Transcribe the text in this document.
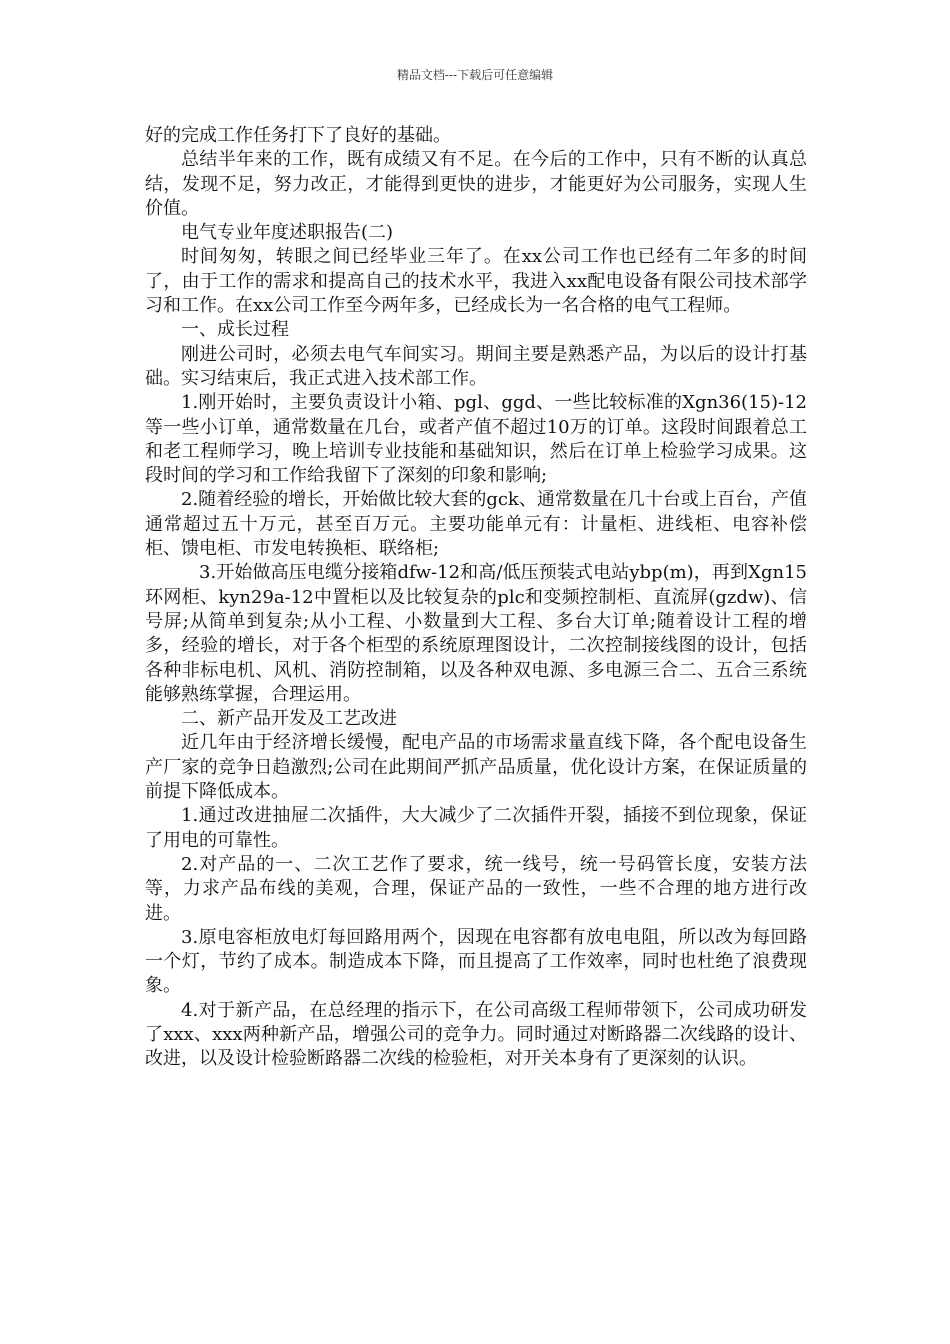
精品文档---下载后可任意编辑

好的完成工作任务打下了良好的基础。

总结半年来的工作，既有成绩又有不足。在今后的工作中，只有不断的认真总结，发现不足，努力改正，才能得到更快的进步，才能更好为公司服务，实现人生价值。

电气专业年度述职报告(二)

时间匆匆，转眼之间已经毕业三年了。在xx公司工作也已经有二年多的时间了，由于工作的需求和提高自己的技术水平，我进入xx配电设备有限公司技术部学习和工作。在xx公司工作至今两年多，已经成长为一名合格的电气工程师。

一、成长过程

刚进公司时，必须去电气车间实习。期间主要是熟悉产品，为以后的设计打基础。实习结束后，我正式进入技术部工作。

1.刚开始时，主要负责设计小箱、pgl、ggd、一些比较标准的Xgn36(15)-12等一些小订单，通常数量在几台，或者产值不超过10万的订单。这段时间跟着总工和老工程师学习，晚上培训专业技能和基础知识，然后在订单上检验学习成果。这段时间的学习和工作给我留下了深刻的印象和影响;

2.随着经验的增长，开始做比较大套的gck、通常数量在几十台或上百台，产值通常超过五十万元，甚至百万元。主要功能单元有：计量柜、进线柜、电容补偿柜、馈电柜、市发电转换柜、联络柜;

3.开始做高压电缆分接箱dfw-12和高/低压预装式电站ybp(m)，再到Xgn15环网柜、kyn29a-12中置柜以及比较复杂的plc和变频控制柜、直流屏(gzdw)、信号屏;从简单到复杂;从小工程、小数量到大工程、多台大订单;随着设计工程的增多，经验的增长，对于各个柜型的系统原理图设计，二次控制接线图的设计，包括各种非标电机、风机、消防控制箱，以及各种双电源、多电源三合二、五合三系统能够熟练掌握，合理运用。

二、新产品开发及工艺改进

近几年由于经济增长缓慢，配电产品的市场需求量直线下降，各个配电设备生产厂家的竞争日趋激烈;公司在此期间严抓产品质量，优化设计方案，在保证质量的前提下降低成本。

1.通过改进抽屉二次插件，大大减少了二次插件开裂，插接不到位现象，保证了用电的可靠性。

2.对产品的一、二次工艺作了要求，统一线号，统一号码管长度，安装方法等，力求产品布线的美观，合理，保证产品的一致性，一些不合理的地方进行改进。

3.原电容柜放电灯每回路用两个，因现在电容都有放电电阻，所以改为每回路一个灯，节约了成本。制造成本下降，而且提高了工作效率，同时也杜绝了浪费现象。

4.对于新产品，在总经理的指示下，在公司高级工程师带领下，公司成功研发了xxx、xxx两种新产品，增强公司的竞争力。同时通过对断路器二次线路的设计、改进，以及设计检验断路器二次线的检验柜，对开关本身有了更深刻的认识。
